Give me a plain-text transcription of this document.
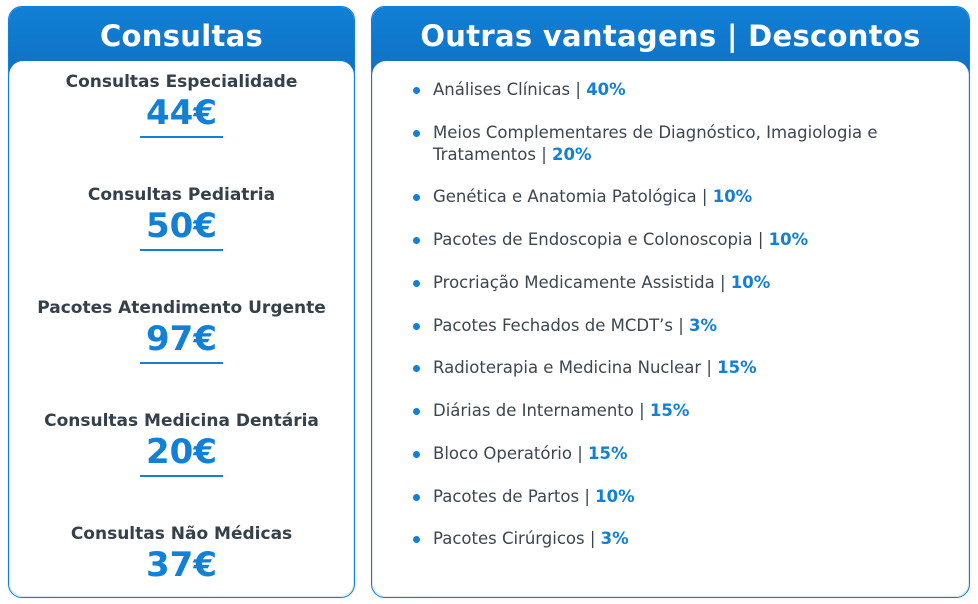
Consultas
Consultas Especialidade
44€
Consultas Pediatria
50€
Pacotes Atendimento Urgente
97€
Consultas Medicina Dentária
20€
Consultas Não Médicas
37€
Outras vantagens | Descontos
Análises Clínicas | 40%
Meios Complementares de Diagnóstico, Imagiologia e Tratamentos | 20%
Genética e Anatomia Patológica | 10%
Pacotes de Endoscopia e Colonoscopia | 10%
Procriação Medicamente Assistida | 10%
Pacotes Fechados de MCDT’s | 3%
Radioterapia e Medicina Nuclear | 15%
Diárias de Internamento | 15%
Bloco Operatório | 15%
Pacotes de Partos | 10%
Pacotes Cirúrgicos | 3%
